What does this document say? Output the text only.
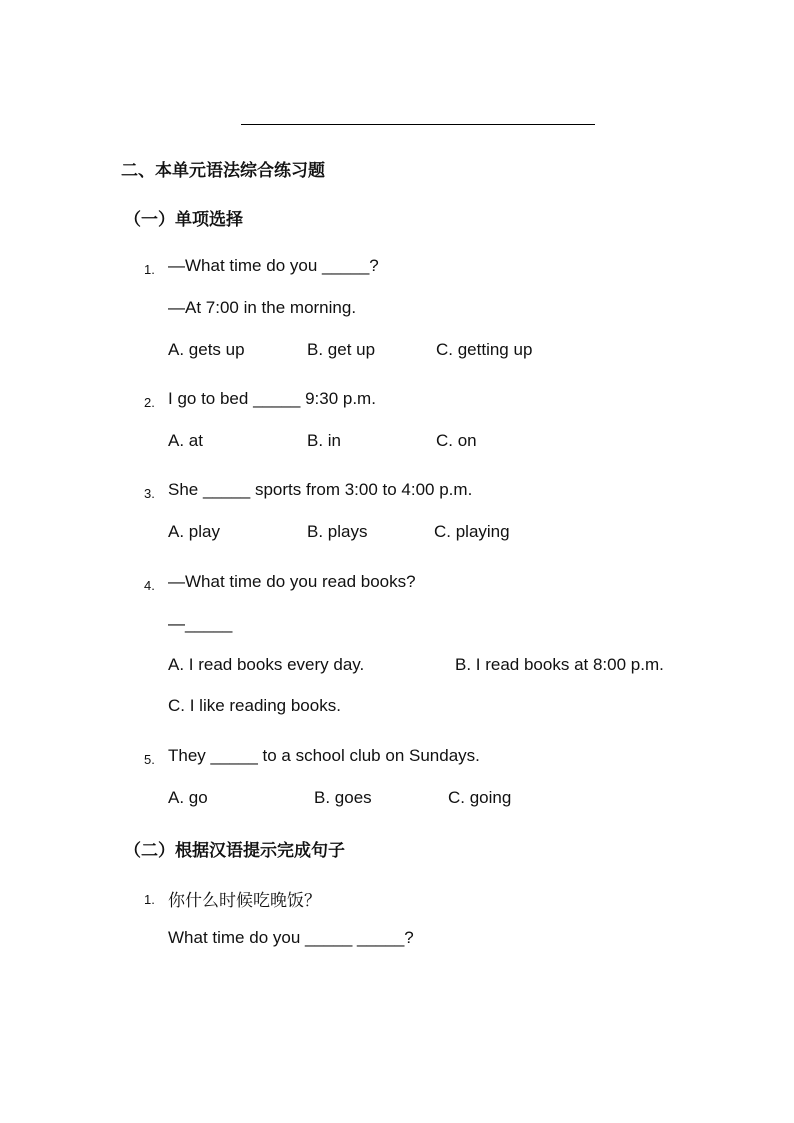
二、本单元语法综合练习题
（一）单项选择
1. —What time do you _____?
—At 7:00 in the morning.
A. gets up	B. get up	C. getting up
2. I go to bed _____ 9:30 p.m.
A. at	B. in	C. on
3. She _____ sports from 3:00 to 4:00 p.m.
A. play	B. plays	C. playing
4. —What time do you read books?
—_____
A. I read books every day.	B. I read books at 8:00 p.m.
C. I like reading books.
5. They _____ to a school club on Sundays.
A. go	B. goes	C. going
（二）根据汉语提示完成句子
1. 你什么时候吃晚饭？
What time do you _____ _____?
